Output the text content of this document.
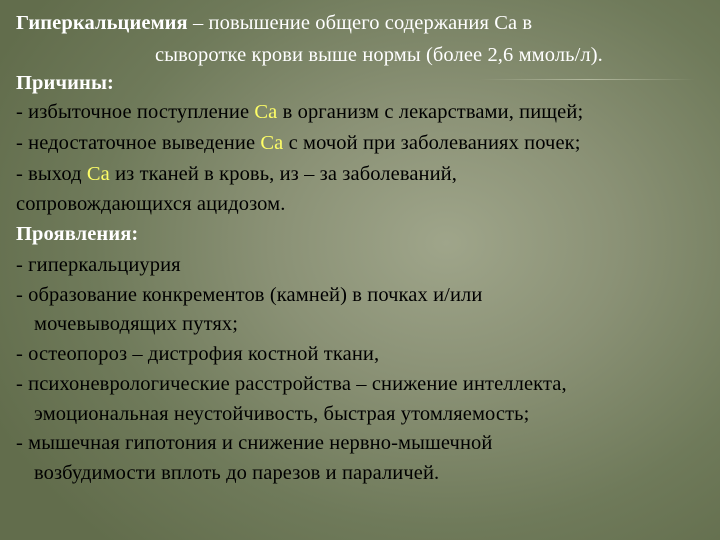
Гиперкальциемия – повышение общего содержания Ca в
сыворотке крови выше нормы (более 2,6 ммоль/л).
Причины:
- избыточное поступление Са в организм с лекарствами, пищей;
- недостаточное выведение Са с мочой при заболеваниях почек;
- выход Са из тканей в кровь, из – за заболеваний,
сопровождающихся ацидозом.
Проявления:
- гиперкальциурия
- образование конкрементов (камней) в почках и/или
мочевыводящих путях;
- остеопороз – дистрофия костной ткани,
- психоневрологические расстройства – снижение интеллекта,
эмоциональная неустойчивость, быстрая утомляемость;
- мышечная гипотония и снижение нервно-мышечной
возбудимости вплоть до парезов и параличей.
